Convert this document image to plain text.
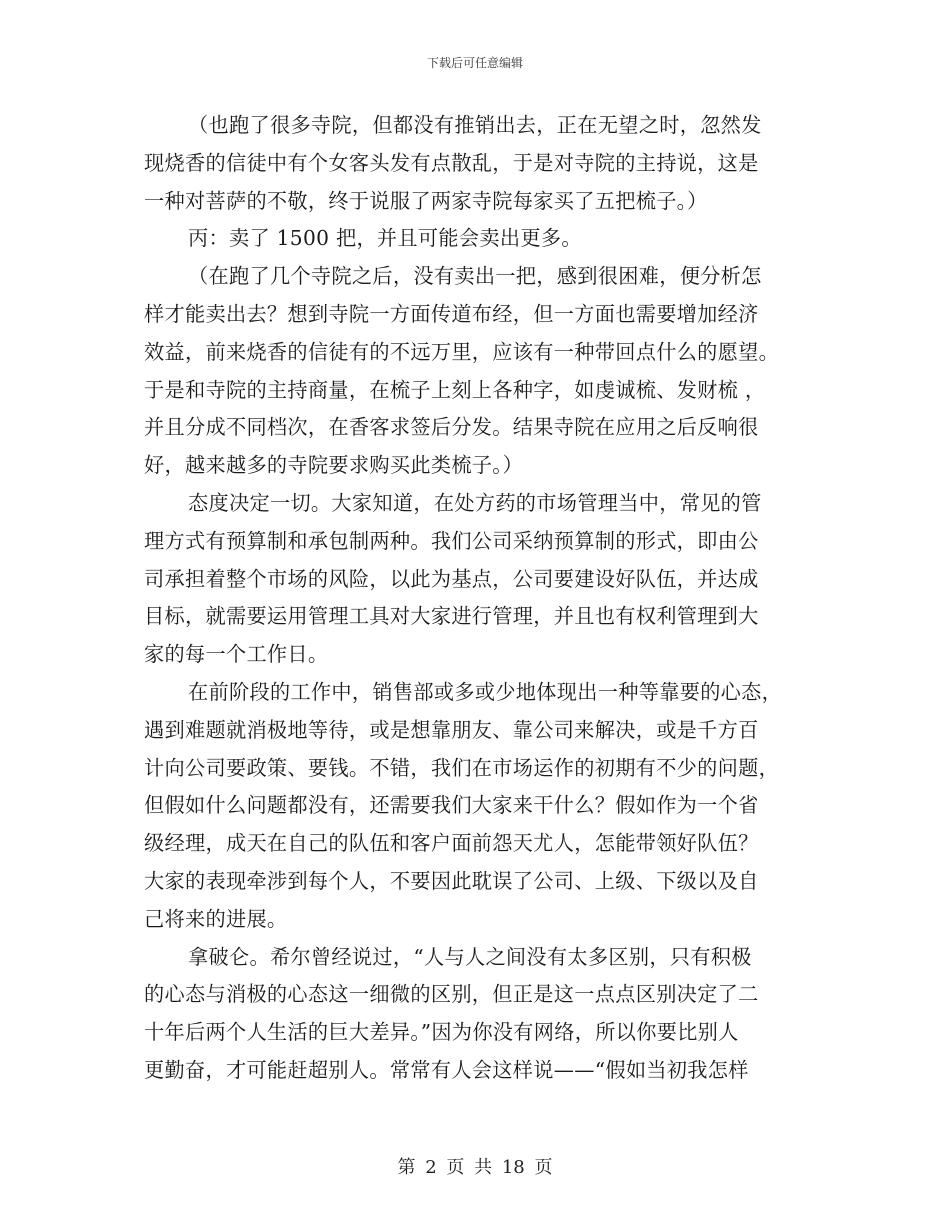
下载后可任意编辑
（也跑了很多寺院，但都没有推销出去，正在无望之时，忽然发
现烧香的信徒中有个女客头发有点散乱，于是对寺院的主持说，这是
一种对菩萨的不敬，终于说服了两家寺院每家买了五把梳子。）
丙：卖了 1500 把，并且可能会卖出更多。
（在跑了几个寺院之后，没有卖出一把，感到很困难，便分析怎
样才能卖出去？想到寺院一方面传道布经，但一方面也需要增加经济
效益，前来烧香的信徒有的不远万里，应该有一种带回点什么的愿望。
于是和寺院的主持商量，在梳子上刻上各种字，如虔诚梳、发财梳 ，
并且分成不同档次，在香客求签后分发。结果寺院在应用之后反响很
好，越来越多的寺院要求购买此类梳子。）
态度决定一切。大家知道，在处方药的市场管理当中，常见的管
理方式有预算制和承包制两种。我们公司采纳预算制的形式，即由公
司承担着整个市场的风险，以此为基点，公司要建设好队伍，并达成
目标，就需要运用管理工具对大家进行管理，并且也有权利管理到大
家的每一个工作日。
在前阶段的工作中，销售部或多或少地体现出一种等靠要的心态，
遇到难题就消极地等待，或是想靠朋友、靠公司来解决，或是千方百
计向公司要政策、要钱。不错，我们在市场运作的初期有不少的问题，
但假如什么问题都没有，还需要我们大家来干什么？假如作为一个省
级经理，成天在自己的队伍和客户面前怨天尤人，怎能带领好队伍？
大家的表现牵涉到每个人，不要因此耽误了公司、上级、下级以及自
己将来的进展。
拿破仑。希尔曾经说过，“人与人之间没有太多区别，只有积极
的心态与消极的心态这一细微的区别，但正是这一点点区别决定了二
十年后两个人生活的巨大差异。”因为你没有网络，所以你要比别人
更勤奋，才可能赶超别人。常常有人会这样说——“假如当初我怎样
第 2 页 共 18 页
